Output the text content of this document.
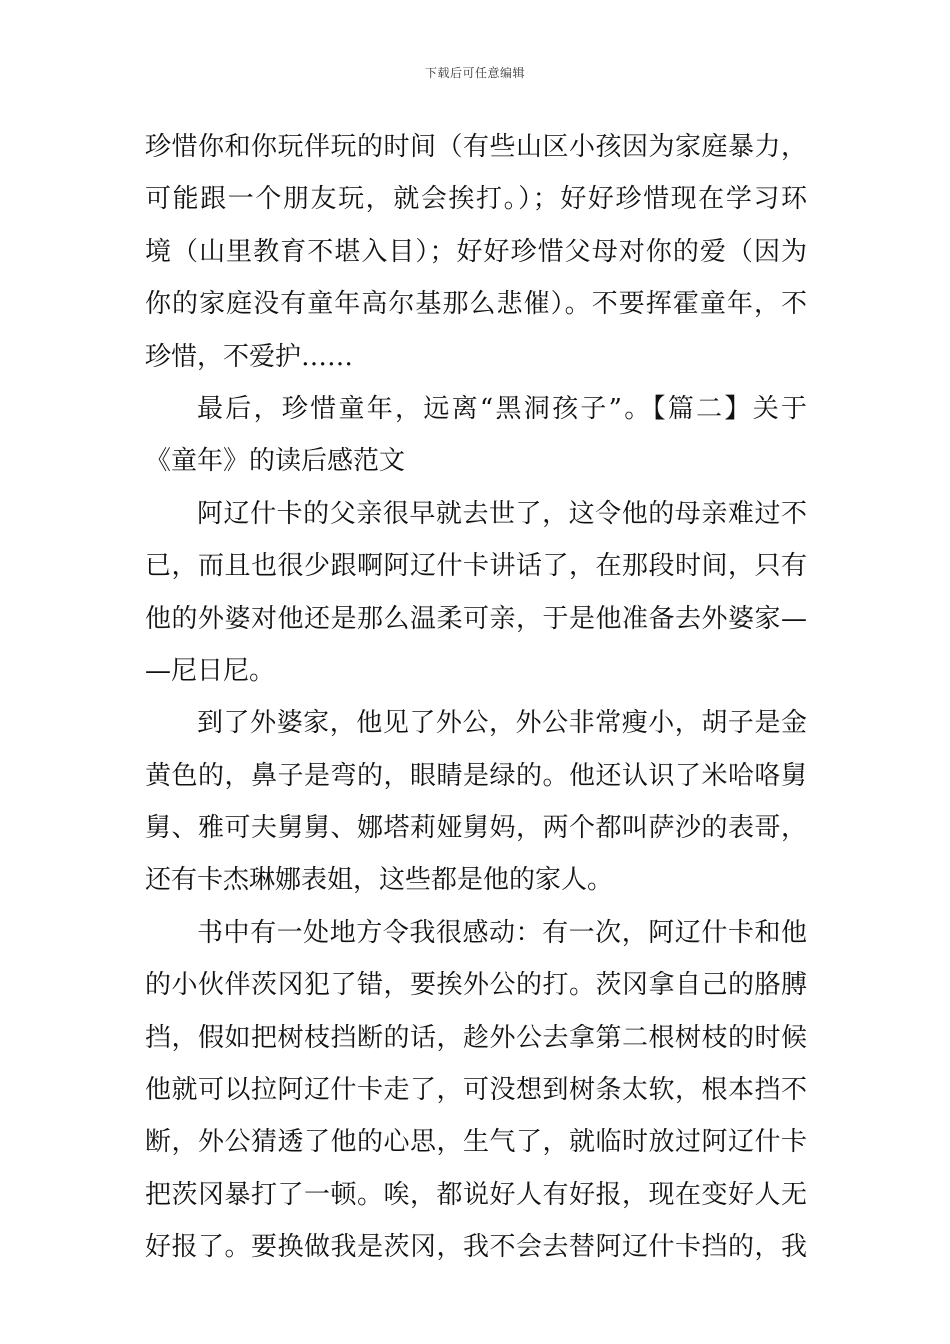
下载后可任意编辑
珍惜你和你玩伴玩的时间（有些山区小孩因为家庭暴力，
可能跟一个朋友玩，就会挨打。）；好好珍惜现在学习环
境（山里教育不堪入目）；好好珍惜父母对你的爱（因为
你的家庭没有童年高尔基那么悲催）。不要挥霍童年，不
珍惜，不爱护……
最后，珍惜童年，远离“黑洞孩子”。【篇二】关于
《童年》的读后感范文
阿辽什卡的父亲很早就去世了，这令他的母亲难过不
已，而且也很少跟啊阿辽什卡讲话了，在那段时间，只有
他的外婆对他还是那么温柔可亲，于是他准备去外婆家—
—尼日尼。
到了外婆家，他见了外公，外公非常瘦小，胡子是金
黄色的，鼻子是弯的，眼睛是绿的。他还认识了米哈咯舅
舅、雅可夫舅舅、娜塔莉娅舅妈，两个都叫萨沙的表哥，
还有卡杰琳娜表姐，这些都是他的家人。
书中有一处地方令我很感动：有一次，阿辽什卡和他
的小伙伴茨冈犯了错，要挨外公的打。茨冈拿自己的胳膊
挡，假如把树枝挡断的话，趁外公去拿第二根树枝的时候
他就可以拉阿辽什卡走了，可没想到树条太软，根本挡不
断，外公猜透了他的心思，生气了，就临时放过阿辽什卡
把茨冈暴打了一顿。唉，都说好人有好报，现在变好人无
好报了。要换做我是茨冈，我不会去替阿辽什卡挡的，我
